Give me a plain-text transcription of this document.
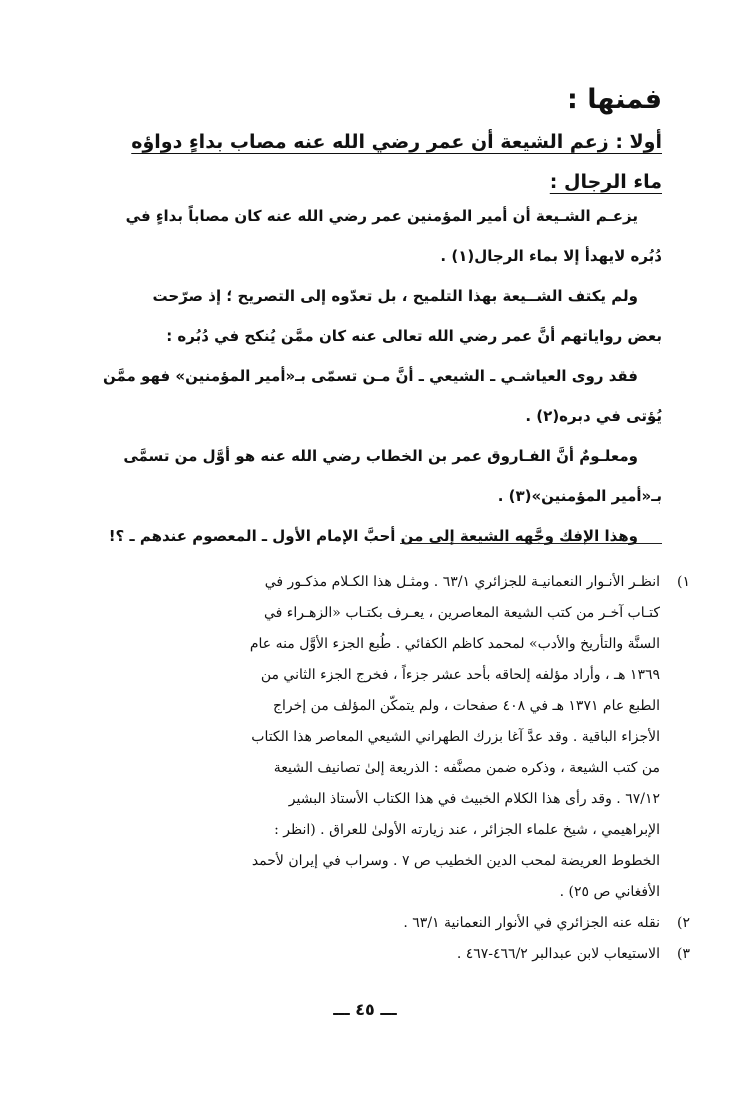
فمنها :
أولا : زعم الشيعة أن عمر رضي الله عنه مصاب بداءٍ دواؤه
ماء الرجال :

يزعـم الشـيعة أن أمير المؤمنين عمر رضي الله عنه كان مصاباً بداءٍ في
دُبُره لايهدأ إلا بماء الرجال(١) .

ولم يكتف الشــيعة بهذا التلميح ، بل تعدّوه إلى التصريح ؛ إذ صرّحت
بعض رواياتهم أنَّ عمر رضي الله تعالى عنه كان ممَّن يُنكح في دُبُره :

فقد روى العياشـي ـ الشيعي ـ أنَّ مـن تسمّى بـ«أمير المؤمنين» فهو ممَّن
يُؤتى في دبره(٢) .

ومعلـومٌ أنَّ الفـاروق عمر بن الخطاب رضي الله عنه هو أوَّل من تسمَّى
بـ«أمير المؤمنين»(٣) .

وهذا الإفك وجَّهه الشيعة إلى من أحبَّ الإمام الأول ـ المعصوم عندهم ـ ؟!

١)
انظـر الأنـوار النعمانيـة للجزائري ٦٣/١ . ومثـل هذا الكـلام مذكـور في
كتـاب آخـر من كتب الشيعة المعاصرين ، يعـرف بكتـاب «الزهـراء في
السنَّة والتأريخ والأدب» لمحمد كاظم الكفائي . طُبع الجزء الأوَّل منه عام
١٣٦٩ هـ ، وأراد مؤلفه إلحاقه بأحد عشر جزءاً ، فخرج الجزء الثاني من
الطبع عام ١٣٧١ هـ في ٤٠٨ صفحات ، ولم يتمكّن المؤلف من إخراج
الأجزاء الباقية . وقد عدَّ آغا بزرك الطهراني الشيعي المعاصر هذا الكتاب
من كتب الشيعة ، وذكره ضمن مصنَّفه : الذريعة إلىٰ تصانيف الشيعة
٦٧/١٢ . وقد رأى هذا الكلام الخبيث في هذا الكتاب الأستاذ البشير
الإبراهيمي ، شيخ علماء الجزائر ، عند زيارته الأولىٰ للعراق . (انظر :
الخطوط العريضة لمحب الدين الخطيب ص ٧ . وسراب في إيران لأحمد
الأفغاني ص ٢٥) .
٢)
نقله عنه الجزائري في الأنوار النعمانية ٦٣/١ .
٣)
الاستيعاب لابن عبدالبر ٤٦٦/٢-٤٦٧ .
ـــ ٤٥ ـــ
